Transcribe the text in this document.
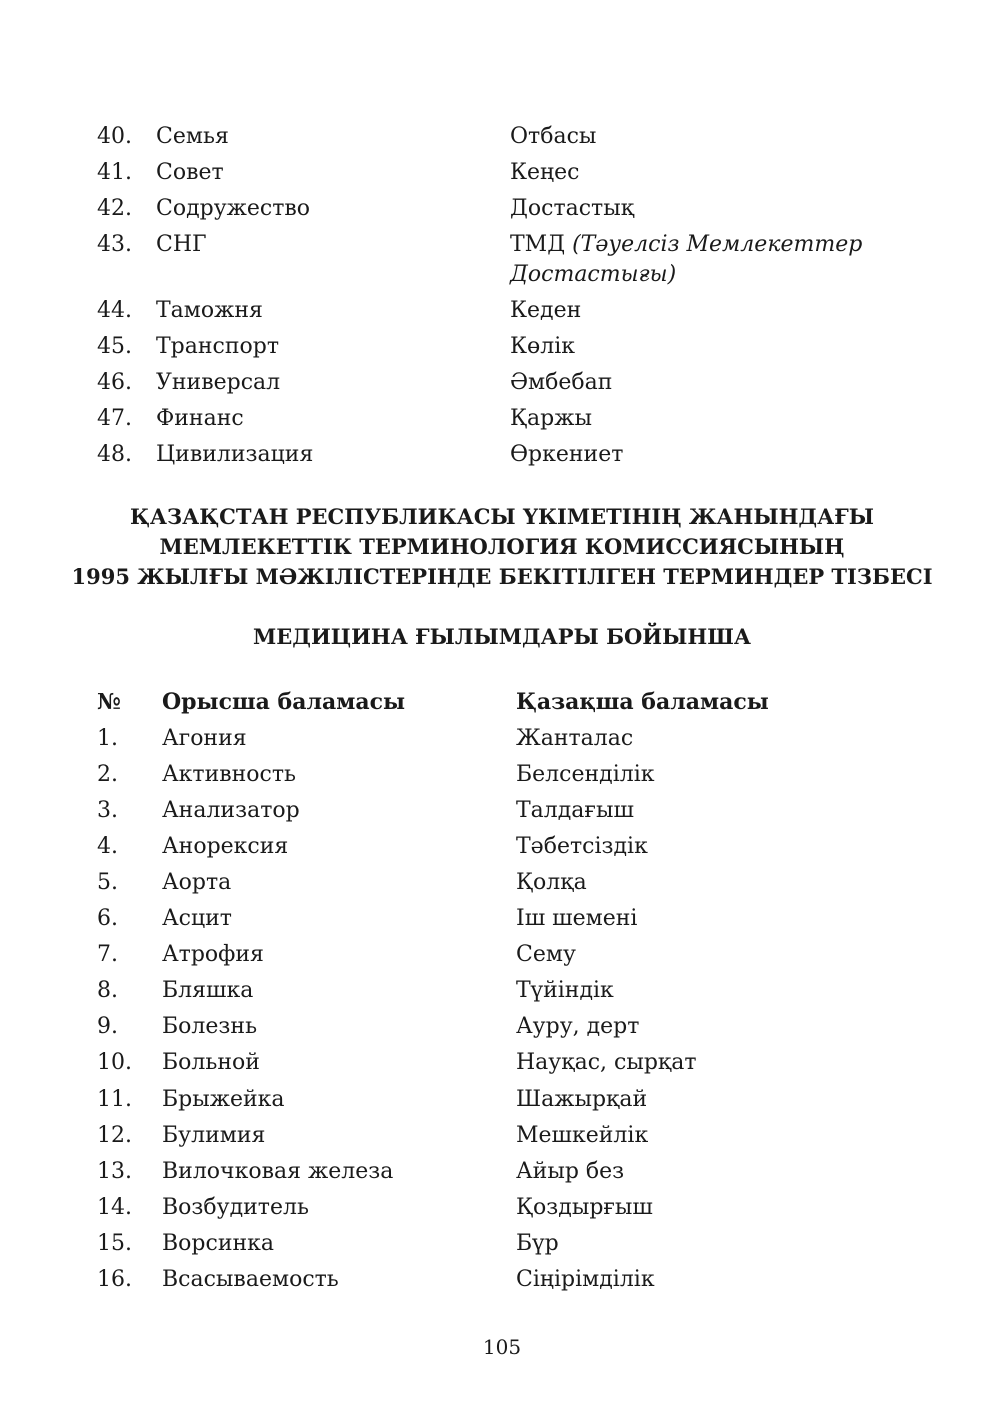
40. Семья	Отбасы
41. Совет	Кеңес
42. Содружество	Достастық
43. СНГ	ТМД (Тәуелсіз Мемлекеттер
Достастығы)
44. Таможня	Кеден
45. Транспорт	Көлік
46. Универсал	Әмбебап
47. Финанс	Қаржы
48. Цивилизация	Өркениет
ҚАЗАҚСТАН РЕСПУБЛИКАСЫ ҮКІМЕТІНІҢ ЖАНЫНДАҒЫ
МЕМЛЕКЕТТІК ТЕРМИНОЛОГИЯ КОМИССИЯСЫНЫҢ
1995 ЖЫЛҒЫ МӘЖІЛІСТЕРІНДЕ БЕКІТІЛГЕН ТЕРМИНДЕР ТІЗБЕСІ
МЕДИЦИНА ҒЫЛЫМДАРЫ БОЙЫНША
№ Орысша баламасы	Қазақша баламасы
1. Агония	Жанталас
2. Активность	Белсенділік
3. Анализатор	Талдағыш
4. Анорексия	Тәбетсіздік
5. Аорта	Қолқа
6. Асцит	Іш шемені
7. Атрофия	Сему
8. Бляшка	Түйіндік
9. Болезнь	Ауру, дерт
10. Больной	Науқас, сырқат
11. Брыжейка	Шажырқай
12. Булимия	Мешкейлік
13. Вилочковая железа	Айыр без
14. Возбудитель	Қоздырғыш
15. Ворсинка	Бүр
16. Всасываемость	Сіңірімділік
105
